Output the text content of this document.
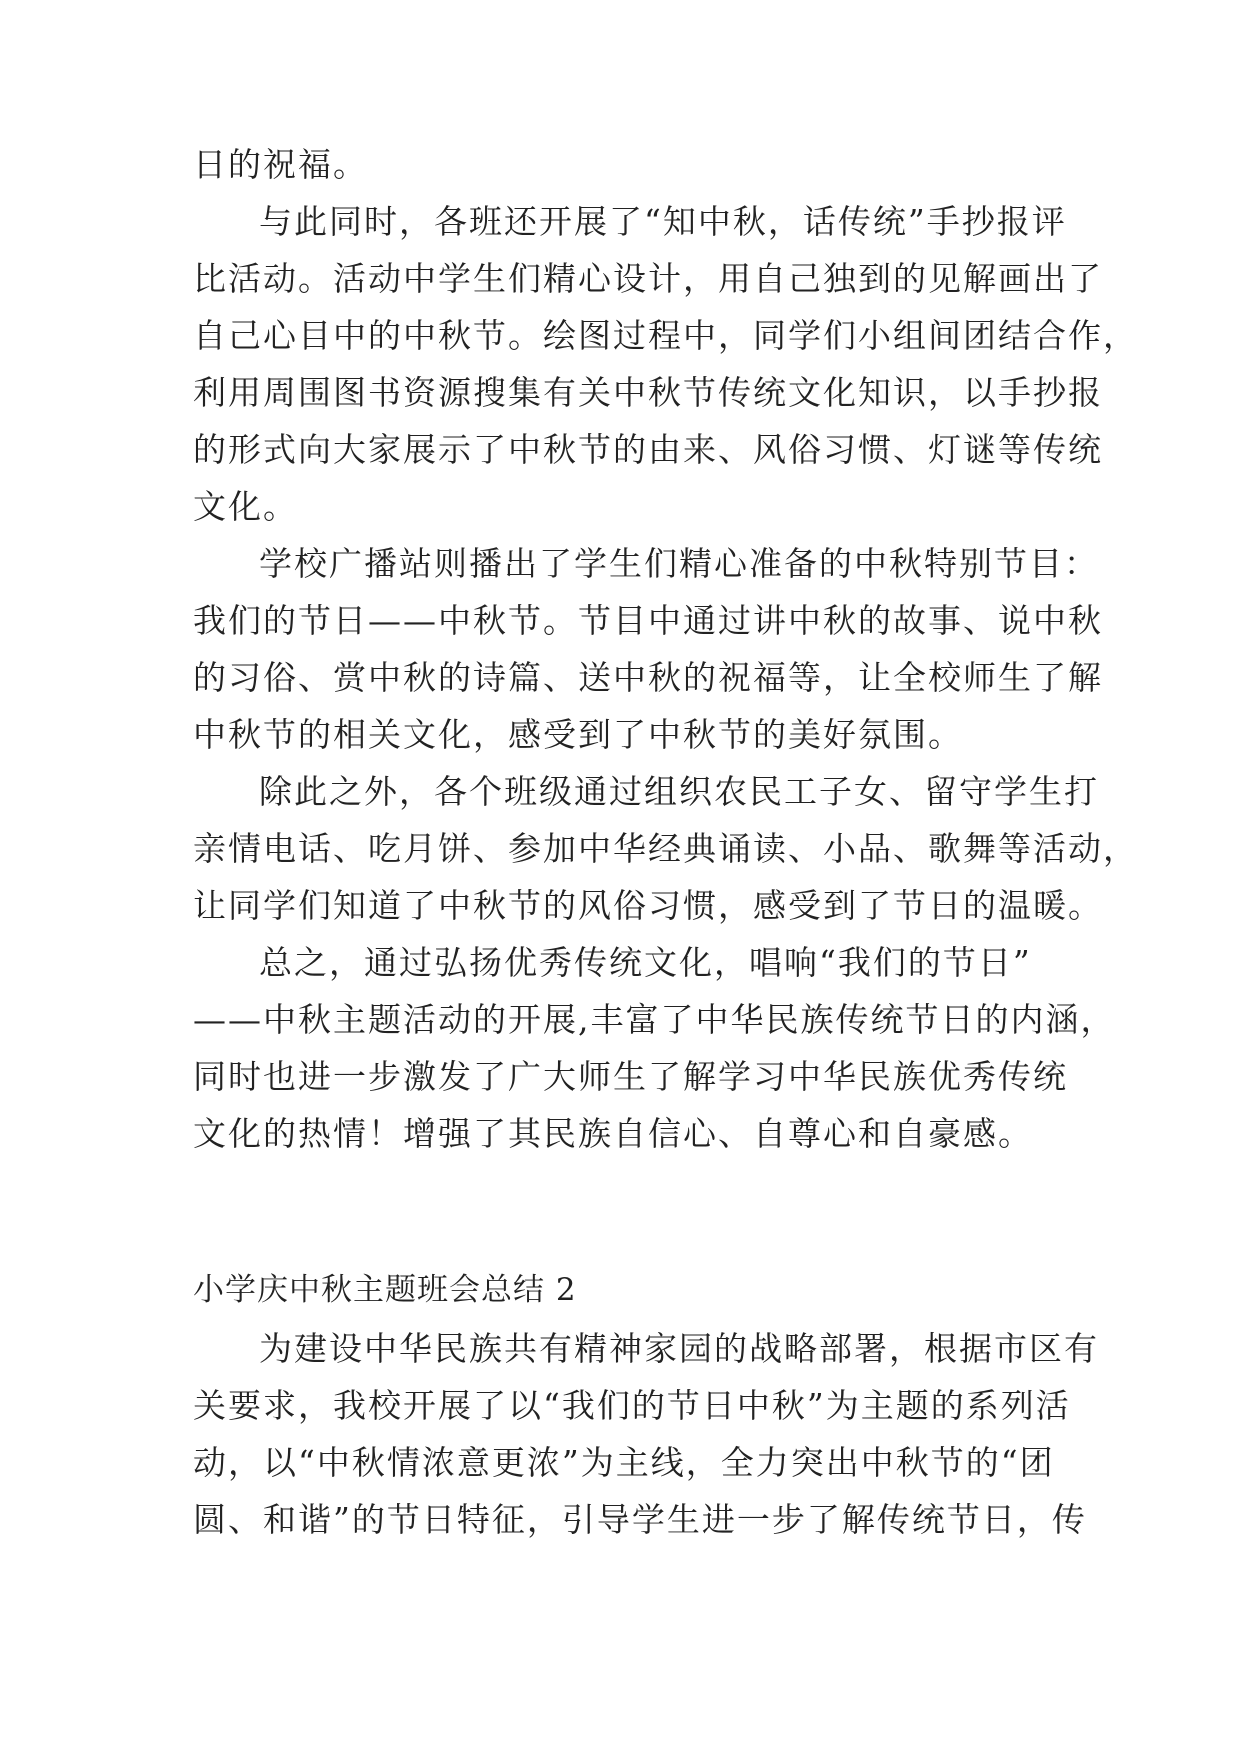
日的祝福。
与此同时，各班还开展了“知中秋，话传统”手抄报评
比活动。活动中学生们精心设计，用自己独到的见解画出了
自己心目中的中秋节。绘图过程中，同学们小组间团结合作，
利用周围图书资源搜集有关中秋节传统文化知识，以手抄报
的形式向大家展示了中秋节的由来、风俗习惯、灯谜等传统
文化。
学校广播站则播出了学生们精心准备的中秋特别节目：
我们的节日——中秋节。节目中通过讲中秋的故事、说中秋
的习俗、赏中秋的诗篇、送中秋的祝福等，让全校师生了解
中秋节的相关文化，感受到了中秋节的美好氛围。
除此之外，各个班级通过组织农民工子女、留守学生打
亲情电话、吃月饼、参加中华经典诵读、小品、歌舞等活动，
让同学们知道了中秋节的风俗习惯，感受到了节日的温暖。
总之，通过弘扬优秀传统文化，唱响“我们的节日”
——中秋主题活动的开展,丰富了中华民族传统节日的内涵，
同时也进一步激发了广大师生了解学习中华民族优秀传统
文化的热情！增强了其民族自信心、自尊心和自豪感。
小学庆中秋主题班会总结 2
为建设中华民族共有精神家园的战略部署，根据市区有
关要求，我校开展了以“我们的节日中秋”为主题的系列活
动，以“中秋情浓意更浓”为主线，全力突出中秋节的“团
圆、和谐”的节日特征，引导学生进一步了解传统节日，传
